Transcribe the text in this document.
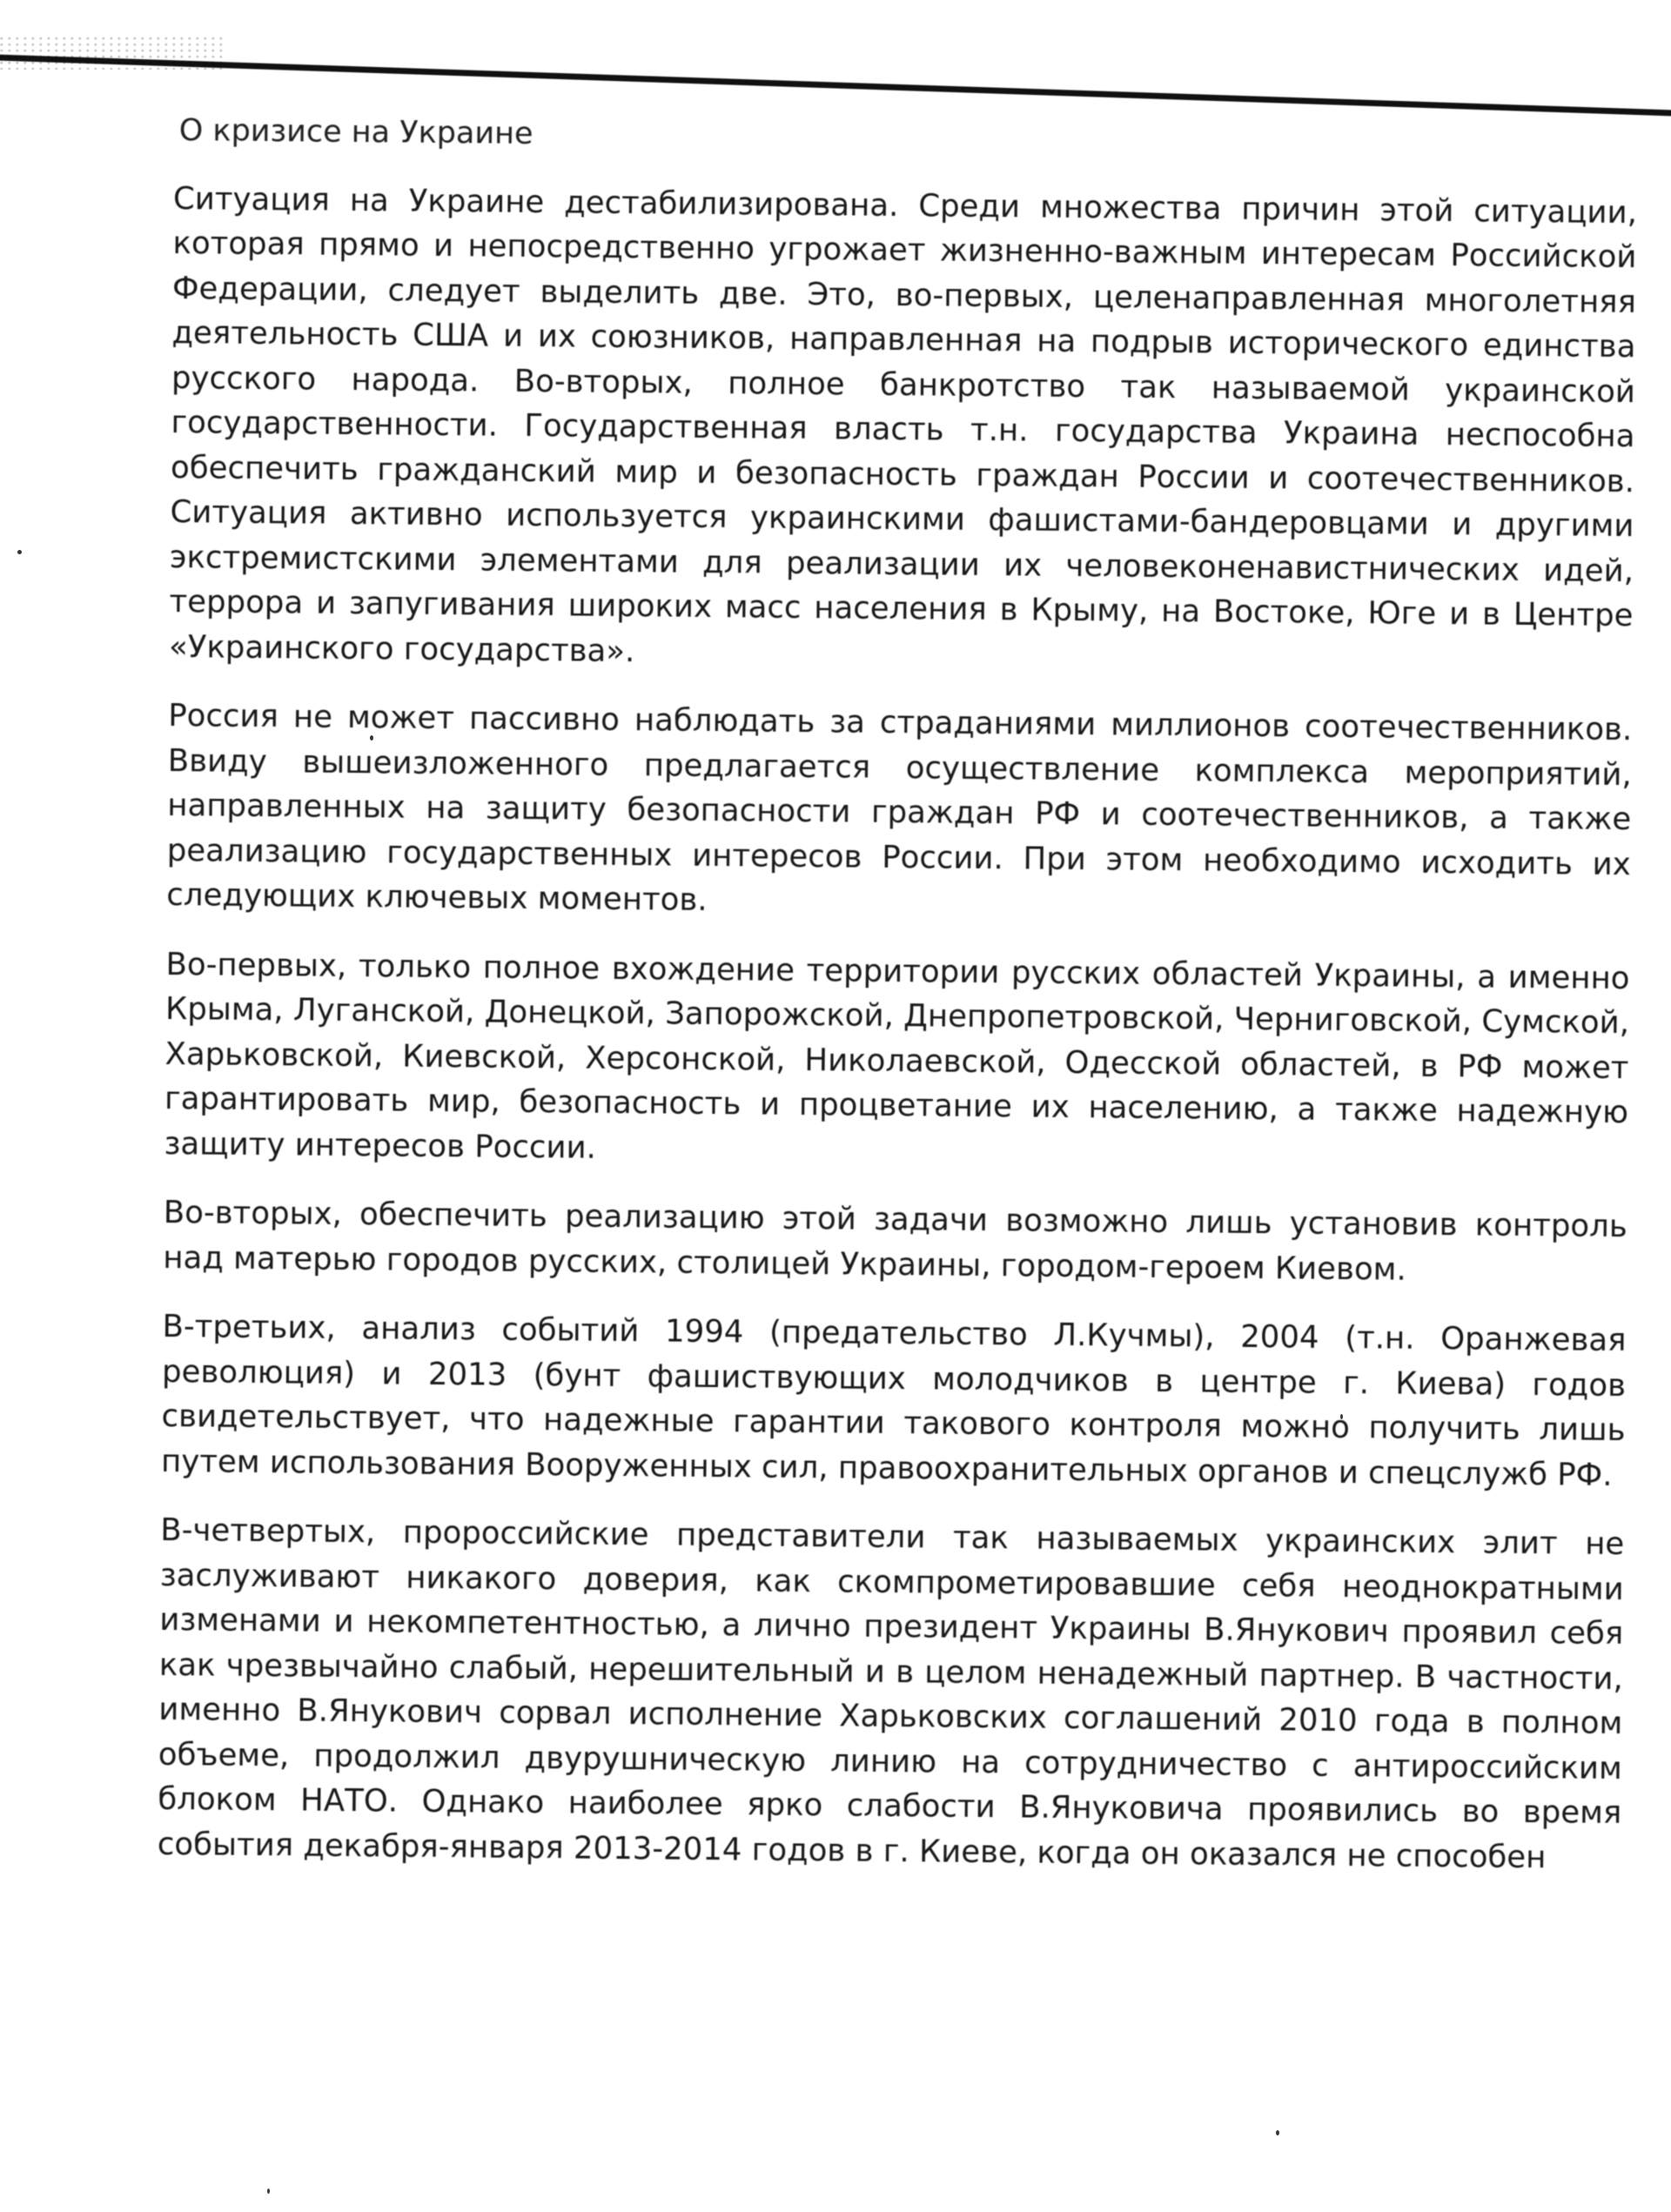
О кризисе на Украине

Ситуация на Украине дестабилизирована. Среди множества причин этой ситуации, которая прямо и непосредственно угрожает жизненно-важным интересам Российской Федерации, следует выделить две. Это, во-первых, целенаправленная многолетняя деятельность США и их союзников, направленная на подрыв исторического единства русского народа. Во-вторых, полное банкротство так называемой украинской государственности. Государственная власть т.н. государства Украина неспособна обеспечить гражданский мир и безопасность граждан России и соотечественников. Ситуация активно используется украинскими фашистами-бандеровцами и другими экстремистскими элементами для реализации их человеконенавистнических идей, террора и запугивания широких масс населения в Крыму, на Востоке, Юге и в Центре «Украинского государства».

Россия не может пассивно наблюдать за страданиями миллионов соотечественников. Ввиду вышеизложенного предлагается осуществление комплекса мероприятий, направленных на защиту безопасности граждан РФ и соотечественников, а также реализацию государственных интересов России. При этом необходимо исходить их следующих ключевых моментов.

Во-первых, только полное вхождение территории русских областей Украины, а именно Крыма, Луганской, Донецкой, Запорожской, Днепропетровской, Черниговской, Сумской, Харьковской, Киевской, Херсонской, Николаевской, Одесской областей, в РФ может гарантировать мир, безопасность и процветание их населению, а также надежную защиту интересов России.

Во-вторых, обеспечить реализацию этой задачи возможно лишь установив контроль над матерью городов русских, столицей Украины, городом-героем Киевом.

В-третьих, анализ событий 1994 (предательство Л.Кучмы), 2004 (т.н. Оранжевая революция) и 2013 (бунт фашиствующих молодчиков в центре г. Киева) годов свидетельствует, что надежные гарантии такового контроля можно получить лишь путем использования Вооруженных сил, правоохранительных органов и спецслужб РФ.

В-четвертых, пророссийские представители так называемых украинских элит не заслуживают никакого доверия, как скомпрометировавшие себя неоднократными изменами и некомпетентностью, а лично президент Украины В.Янукович проявил себя как чрезвычайно слабый, нерешительный и в целом ненадежный партнер. В частности, именно В.Янукович сорвал исполнение Харьковских соглашений 2010 года в полном объеме, продолжил двурушническую линию на сотрудничество с антироссийским блоком НАТО. Однако наиболее ярко слабости В.Януковича проявились во время события декабря-января 2013-2014 годов в г. Киеве, когда он оказался не способен
